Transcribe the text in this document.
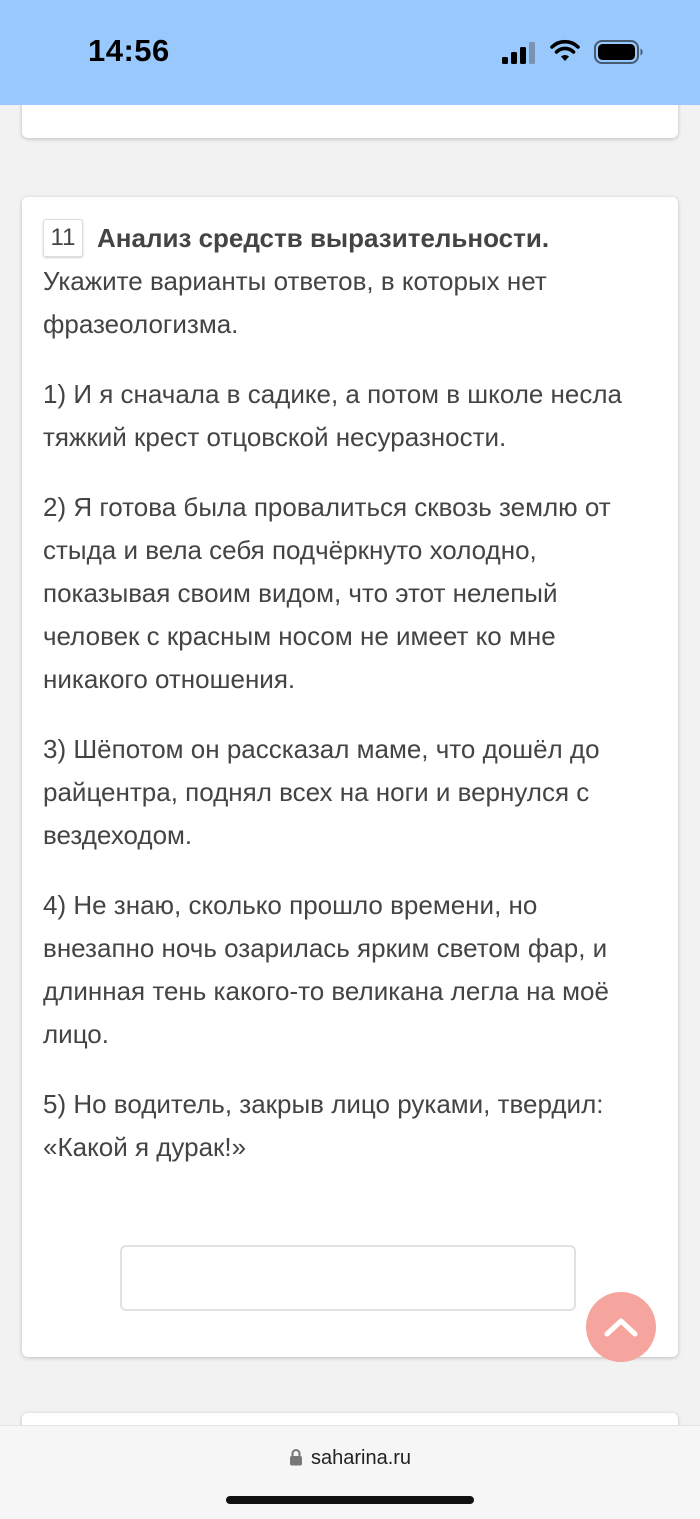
14:56
11 Анализ средств выразительности. Укажите варианты ответов, в которых нет фразеологизма.
1) И я сначала в садике, а потом в школе несла тяжкий крест отцовской несуразности.
2) Я готова была провалиться сквозь землю от стыда и вела себя подчёркнуто холодно, показывая своим видом, что этот нелепый человек с красным носом не имеет ко мне никакого отношения.
3) Шёпотом он рассказал маме, что дошёл до райцентра, поднял всех на ноги и вернулся с вездеходом.
4) Не знаю, сколько прошло времени, но внезапно ночь озарилась ярким светом фар, и длинная тень какого-то великана легла на моё лицо.
5) Но водитель, закрыв лицо руками, твердил: «Какой я дурак!»
saharina.ru
